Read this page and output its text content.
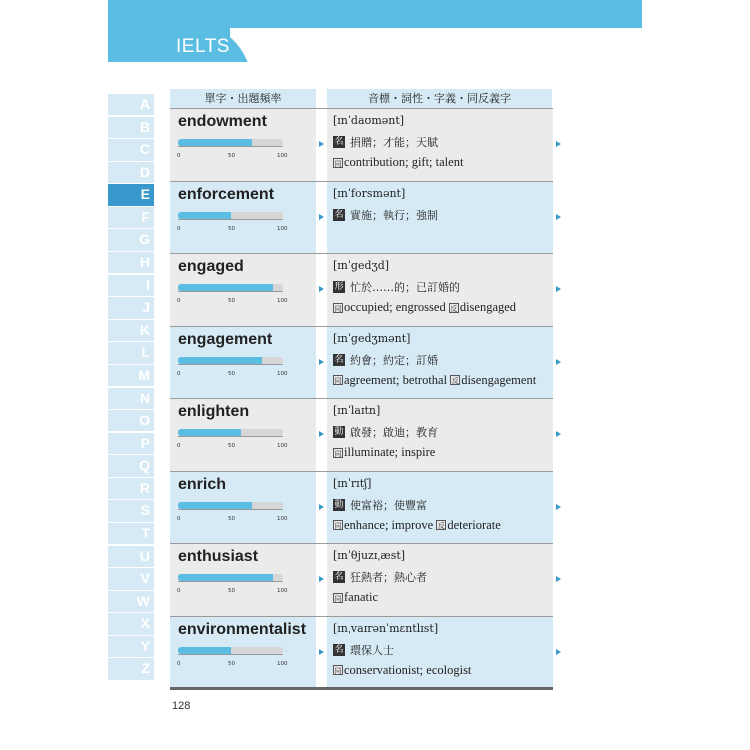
IELTS
A
B
C
D
E
F
G
H
I
J
K
L
M
N
O
P
Q
R
S
T
U
V
W
X
Y
Z
單字・出題頻率	音標・詞性・字義・同反義字
endowment
0	50	100
[ɪnˈdaʊmənt]
名 捐贈；才能；天賦
同 contribution; gift; talent
enforcement
0	50	100
[ɪnˈforsmənt]
名 實施；執行；強制
engaged
0	50	100
[ɪnˈgedʒd]
形 忙於……的；已訂婚的
同 occupied; engrossed
反 disengaged
engagement
0	50	100
[ɪnˈgedʒmənt]
名 約會；約定；訂婚
同 agreement; betrothal
反 disengagement
enlighten
0	50	100
[ɪnˈlaɪtn]
動 啟發；啟迪；教育
同 illuminate; inspire
enrich
0	50	100
[ɪnˈrɪtʃ]
動 使富裕；使豐富
同 enhance; improve
反 deteriorate
enthusiast
0	50	100
[ɪnˈθjuzɪˌæst]
名 狂熱者；熱心者
同 fanatic
environmentalist
0	50	100
[ɪnˌvaɪrənˈmɛntlɪst]
名 環保人士
同 conservationist; ecologist
128
